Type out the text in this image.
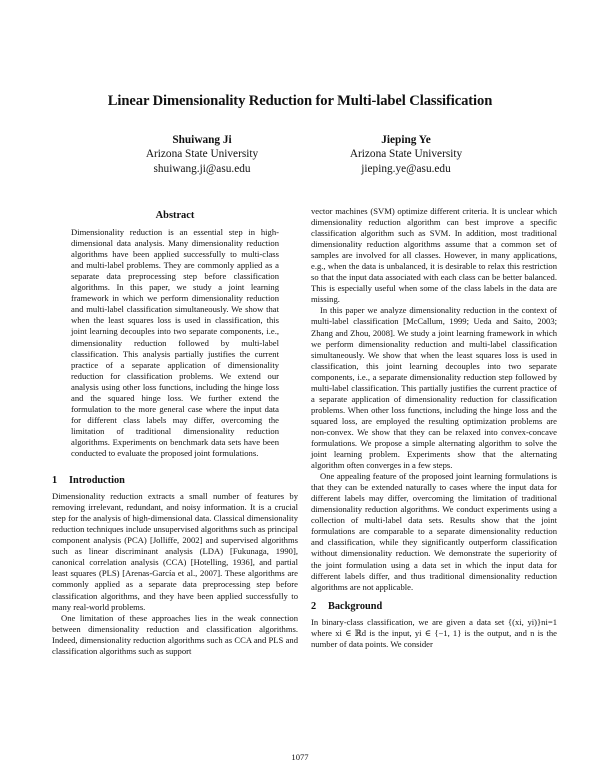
Linear Dimensionality Reduction for Multi-label Classification
Shuiwang Ji
Arizona State University
shuiwang.ji@asu.edu
Jieping Ye
Arizona State University
jieping.ye@asu.edu
Abstract

Dimensionality reduction is an essential step in high-dimensional data analysis. Many dimensionality reduction algorithms have been applied successfully to multi-class and multi-label problems. They are commonly applied as a separate data preprocessing step before classification algorithms. In this paper, we study a joint learning framework in which we perform dimensionality reduction and multi-label classification simultaneously. We show that when the least squares loss is used in classification, this joint learning decouples into two separate components, i.e., dimensionality reduction followed by multi-label classification. This analysis partially justifies the current practice of a separate application of dimensionality reduction for classification problems. We extend our analysis using other loss functions, including the hinge loss and the squared hinge loss. We further extend the formulation to the more general case where the input data for different class labels may differ, overcoming the limitation of traditional dimensionality reduction algorithms. Experiments on benchmark data sets have been conducted to evaluate the proposed joint formulations.

1 Introduction

Dimensionality reduction extracts a small number of features by removing irrelevant, redundant, and noisy information. It is a crucial step for the analysis of high-dimensional data. Classical dimensionality reduction techniques include unsupervised algorithms such as principal component analysis (PCA) [Jolliffe, 2002] and supervised algorithms such as linear discriminant analysis (LDA) [Fukunaga, 1990], canonical correlation analysis (CCA) [Hotelling, 1936], and partial least squares (PLS) [Arenas-García et al., 2007]. These algorithms are commonly applied as a separate data preprocessing step before classification algorithms, and they have been applied successfully to many real-world problems.

One limitation of these approaches lies in the weak connection between dimensionality reduction and classification algorithms. Indeed, dimensionality reduction algorithms such as CCA and PLS and classification algorithms such as support

vector machines (SVM) optimize different criteria. It is unclear which dimensionality reduction algorithm can best improve a specific classification algorithm such as SVM. In addition, most traditional dimensionality reduction algorithms assume that a common set of samples are involved for all classes. However, in many applications, e.g., when the data is unbalanced, it is desirable to relax this restriction so that the input data associated with each class can be better balanced. This is especially useful when some of the class labels in the data are missing.

In this paper we analyze dimensionality reduction in the context of multi-label classification [McCallum, 1999; Ueda and Saito, 2003; Zhang and Zhou, 2008]. We study a joint learning framework in which we perform dimensionality reduction and multi-label classification simultaneously. We show that when the least squares loss is used in classification, this joint learning decouples into two separate components, i.e., a separate dimensionality reduction step followed by multi-label classification. This partially justifies the current practice of a separate application of dimensionality reduction for classification problems. When other loss functions, including the hinge loss and the squared loss, are employed the resulting optimization problems are non-convex. We show that they can be relaxed into convex-concave formulations. We propose a simple alternating algorithm to solve the joint learning problem. Experiments show that the alternating algorithm often converges in a few steps.

One appealing feature of the proposed joint learning formulations is that they can be extended naturally to cases where the input data for different labels may differ, overcoming the limitation of traditional dimensionality reduction algorithms. We conduct experiments using a collection of multi-label data sets. Results show that the joint formulations are comparable to a separate dimensionality reduction and classification, while they significantly outperform classification without dimensionality reduction. We demonstrate the superiority of the joint formulation using a data set in which the input data for different labels differ, and thus traditional dimensionality reduction algorithms are not applicable.

2 Background

In binary-class classification, we are given a data set {(xi, yi)}ni=1 where xi ∈ ℝd is the input, yi ∈ {−1, 1} is the output, and n is the number of data points. We consider

1077
